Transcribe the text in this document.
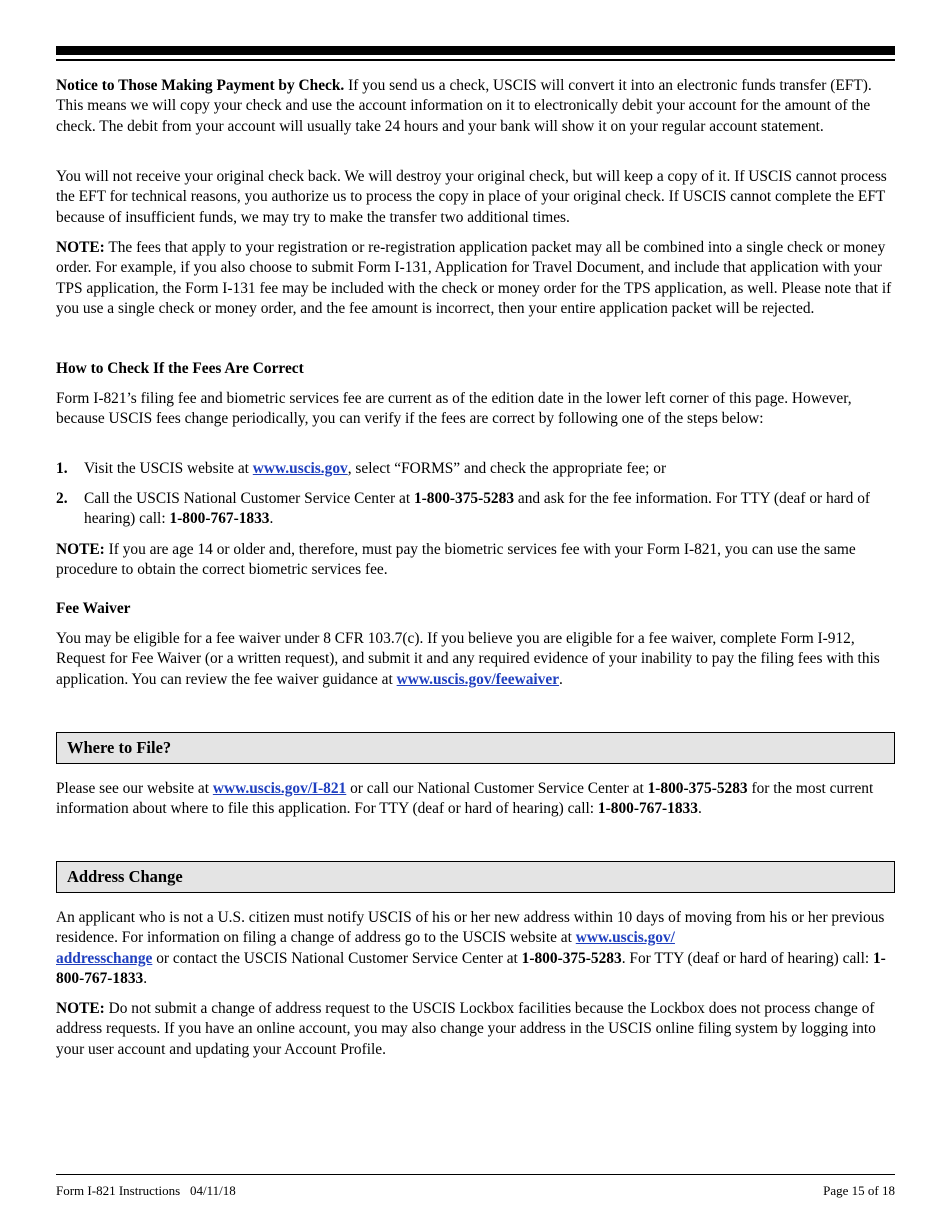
Notice to Those Making Payment by Check. If you send us a check, USCIS will convert it into an electronic funds transfer (EFT). This means we will copy your check and use the account information on it to electronically debit your account for the amount of the check. The debit from your account will usually take 24 hours and your bank will show it on your regular account statement.

You will not receive your original check back. We will destroy your original check, but will keep a copy of it. If USCIS cannot process the EFT for technical reasons, you authorize us to process the copy in place of your original check. If USCIS cannot complete the EFT because of insufficient funds, we may try to make the transfer two additional times.

NOTE: The fees that apply to your registration or re-registration application packet may all be combined into a single check or money order. For example, if you also choose to submit Form I-131, Application for Travel Document, and include that application with your TPS application, the Form I-131 fee may be included with the check or money order for the TPS application, as well. Please note that if you use a single check or money order, and the fee amount is incorrect, then your entire application packet will be rejected.

How to Check If the Fees Are Correct

Form I-821’s filing fee and biometric services fee are current as of the edition date in the lower left corner of this page. However, because USCIS fees change periodically, you can verify if the fees are correct by following one of the steps below:

1. Visit the USCIS website at www.uscis.gov, select “FORMS” and check the appropriate fee; or
2. Call the USCIS National Customer Service Center at 1-800-375-5283 and ask for the fee information. For TTY (deaf or hard of hearing) call: 1-800-767-1833.

NOTE: If you are age 14 or older and, therefore, must pay the biometric services fee with your Form I-821, you can use the same procedure to obtain the correct biometric services fee.

Fee Waiver

You may be eligible for a fee waiver under 8 CFR 103.7(c). If you believe you are eligible for a fee waiver, complete Form I-912, Request for Fee Waiver (or a written request), and submit it and any required evidence of your inability to pay the filing fees with this application. You can review the fee waiver guidance at www.uscis.gov/feewaiver.

Where to File?

Please see our website at www.uscis.gov/I-821 or call our National Customer Service Center at 1-800-375-5283 for the most current information about where to file this application. For TTY (deaf or hard of hearing) call: 1-800-767-1833.

Address Change

An applicant who is not a U.S. citizen must notify USCIS of his or her new address within 10 days of moving from his or her previous residence. For information on filing a change of address go to the USCIS website at www.uscis.gov/
addresschange or contact the USCIS National Customer Service Center at 1-800-375-5283. For TTY (deaf or hard of hearing) call: 1-800-767-1833.

NOTE: Do not submit a change of address request to the USCIS Lockbox facilities because the Lockbox does not process change of address requests. If you have an online account, you may also change your address in the USCIS online filing system by logging into your user account and updating your Account Profile.

Form I-821 Instructions   04/11/18	Page 15 of 18
